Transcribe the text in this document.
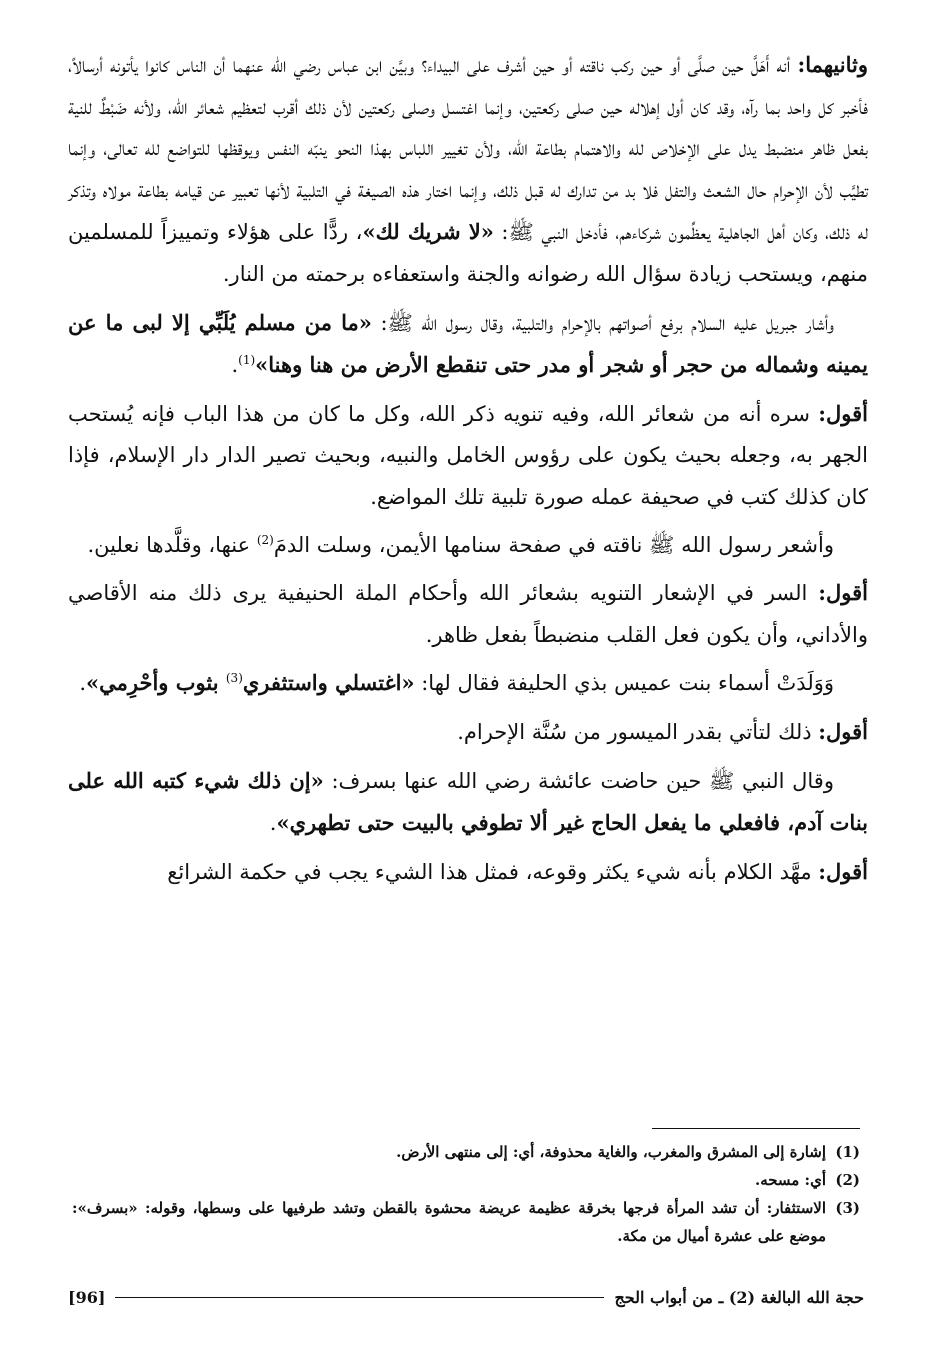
وثانيهما: أنه أَهَلَّ حين صلَّى أو حين ركب ناقته أو حين أشرف على البيداء؟ وبيَّن ابن عباس رضي الله عنهما أن الناس كانوا يأتونه أرسالاً، فأخبر كل واحد بما رآه، وقد كان أول إهلاله حين صلى ركعتين، وإنما اغتسل وصلى ركعتين لأن ذلك أقرب لتعظيم شعائر الله، ولأنه ضَبْطٌ للنية بفعل ظاهر منضبط يدل على الإخلاص لله والاهتمام بطاعة الله، ولأن تغيير اللباس بهذا النحو ينبّه النفس ويوقظها للتواضع لله تعالى، وإنما تطيَّب لأن الإحرام حال الشعث والتفل فلا بد من تدارك له قبل ذلك، وإنما اختار هذه الصيغة في التلبية لأنها تعبير عن قيامه بطاعة مولاه وتذكر له ذلك، وكان أهل الجاهلية يعظِّمون شركاءهم، فأدخل النبي ﷺ: «لا شريك لك»، ردًّا على هؤلاء وتمييزاً للمسلمين منهم، ويستحب زيادة سؤال الله رضوانه والجنة واستعفاءه برحمته من النار.

وأشار جبريل عليه السلام برفع أصواتهم بالإحرام والتلبية، وقال رسول الله ﷺ: «ما من مسلم يُلَبِّي إلا لبى ما عن يمينه وشماله من حجر أو شجر أو مدر حتى تنقطع الأرض من هنا وهنا»$^{(1)}$.

أقول: سره أنه من شعائر الله، وفيه تنويه ذكر الله، وكل ما كان من هذا الباب فإنه يُستحب الجهر به، وجعله بحيث يكون على رؤوس الخامل والنبيه، وبحيث تصير الدار دار الإسلام، فإذا كان كذلك كتب في صحيفة عمله صورة تلبية تلك المواضع.

وأشعر رسول الله ﷺ ناقته في صفحة سنامها الأيمن، وسلت الدمَ$^{(2)}$ عنها، وقلَّدها نعلين.

أقول: السر في الإشعار التنويه بشعائر الله وأحكام الملة الحنيفية يرى ذلك منه الأقاصي والأداني، وأن يكون فعل القلب منضبطاً بفعل ظاهر.

وَوَلَدَتْ أسماء بنت عميس بذي الحليفة فقال لها: «اغتسلي واستثفري$^{(3)}$ بثوب وأحْرِمي».

أقول: ذلك لتأتي بقدر الميسور من سُنَّة الإحرام.

وقال النبي ﷺ حين حاضت عائشة رضي الله عنها بسرف: «إن ذلك شيء كتبه الله على بنات آدم، فافعلي ما يفعل الحاج غير ألا تطوفي بالبيت حتى تطهري».

أقول: مهَّد الكلام بأنه شيء يكثر وقوعه، فمثل هذا الشيء يجب في حكمة الشرائع

(1)
إشارة إلى المشرق والمغرب، والغاية محذوفة، أي: إلى منتهى الأرض.
(2)
أي: مسحه.
(3)
الاستثفار: أن تشد المرأة فرجها بخرقة عظيمة عريضة محشوة بالقطن وتشد طرفيها على وسطها، وقوله: «بسرف»: موضع على عشرة أميال من مكة.
حجة الله البالغة (2) ـ من أبواب الحج
[96]
